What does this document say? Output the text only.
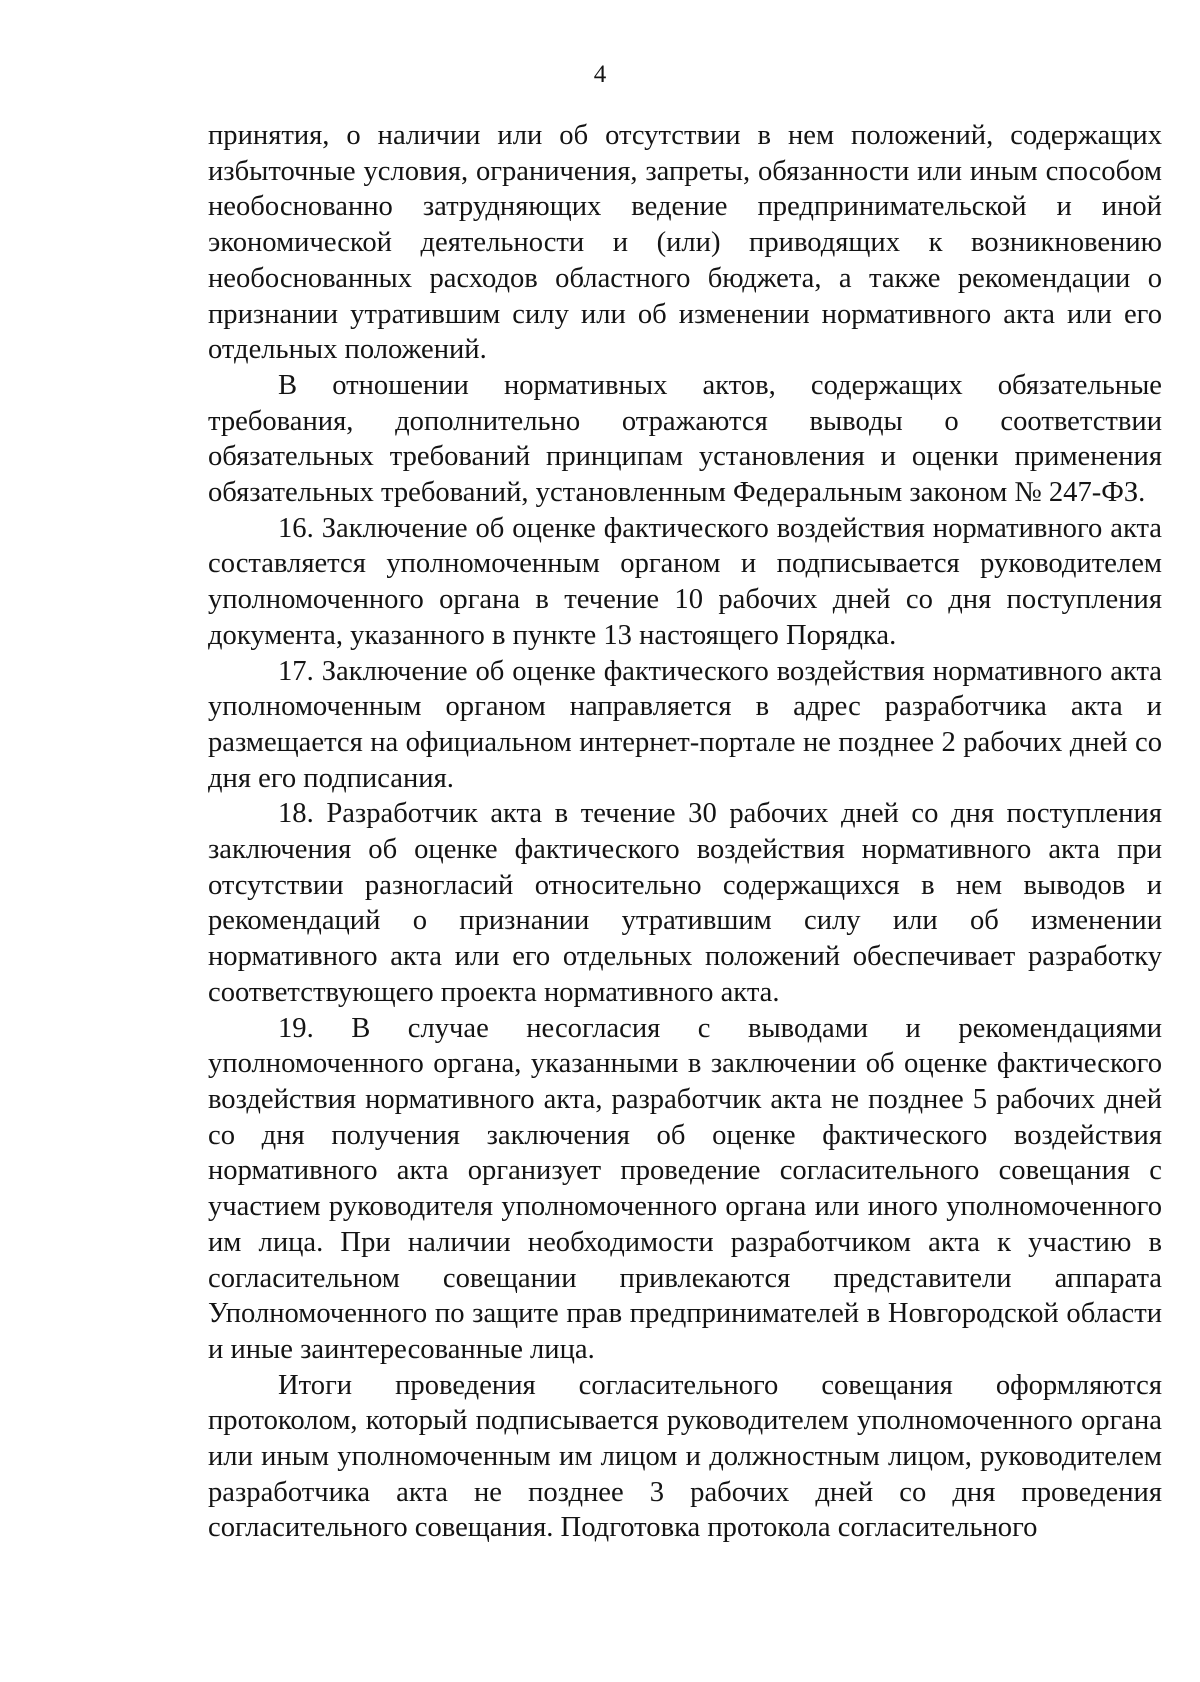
4

принятия, о наличии или об отсутствии в нем положений, содержащих избыточные условия, ограничения, запреты, обязанности или иным способом необоснованно затрудняющих ведение предпринимательской и иной экономической деятельности и (или) приводящих к возникновению необоснованных расходов областного бюджета, а также рекомендации о признании утратившим силу или об изменении нормативного акта или его отдельных положений.

В отношении нормативных актов, содержащих обязательные требования, дополнительно отражаются выводы о соответствии обязательных требований принципам установления и оценки применения обязательных требований, установленным Федеральным законом № 247-ФЗ.

16. Заключение об оценке фактического воздействия нормативного акта составляется уполномоченным органом и подписывается руководителем уполномоченного органа в течение 10 рабочих дней со дня поступления документа, указанного в пункте 13 настоящего Порядка.

17. Заключение об оценке фактического воздействия нормативного акта уполномоченным органом направляется в адрес разработчика акта и размещается на официальном интернет-портале не позднее 2 рабочих дней со дня его подписания.

18. Разработчик акта в течение 30 рабочих дней со дня поступления заключения об оценке фактического воздействия нормативного акта при отсутствии разногласий относительно содержащихся в нем выводов и рекомендаций о признании утратившим силу или об изменении нормативного акта или его отдельных положений обеспечивает разработку соответствующего проекта нормативного акта.

19. В случае несогласия с выводами и рекомендациями уполномоченного органа, указанными в заключении об оценке фактического воздействия нормативного акта, разработчик акта не позднее 5 рабочих дней со дня получения заключения об оценке фактического воздействия нормативного акта организует проведение согласительного совещания с участием руководителя уполномоченного органа или иного уполномоченного им лица. При наличии необходимости разработчиком акта к участию в согласительном совещании привлекаются представители аппарата Уполномоченного по защите прав предпринимателей в Новгородской области и иные заинтересованные лица.

Итоги проведения согласительного совещания оформляются протоколом, который подписывается руководителем уполномоченного органа или иным уполномоченным им лицом и должностным лицом, руководителем разработчика акта не позднее 3 рабочих дней со дня проведения согласительного совещания. Подготовка протокола согласительного
